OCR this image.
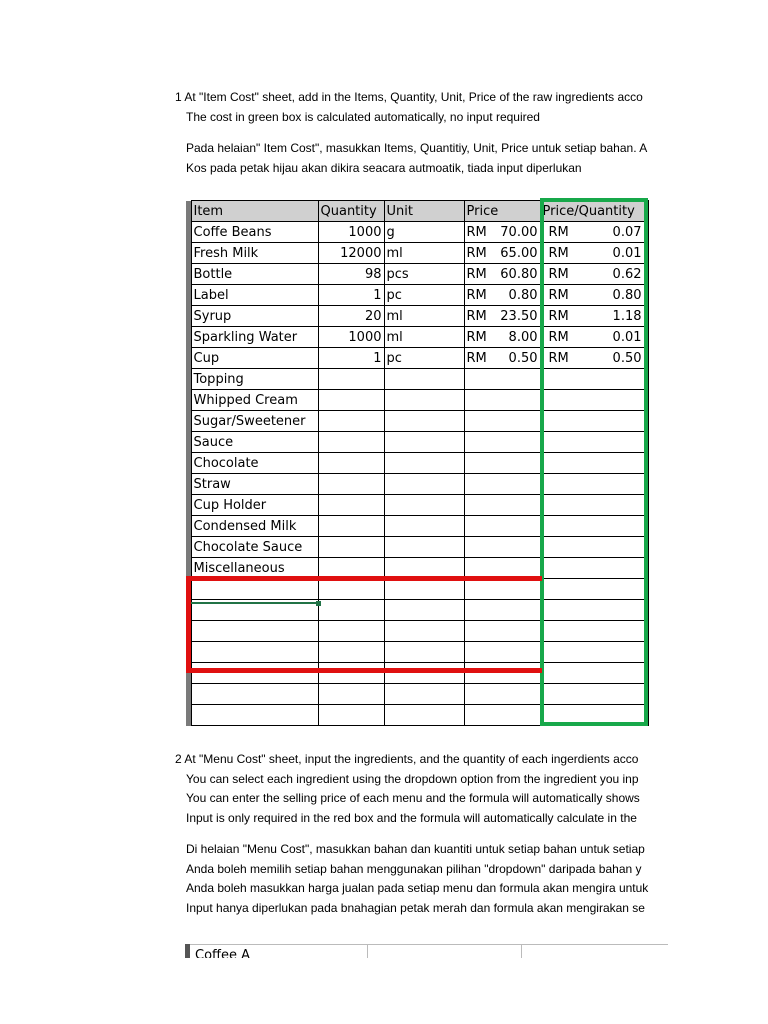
1 At "Item Cost" sheet, add in the Items, Quantity, Unit, Price of the raw ingredients acco
The cost in green box is calculated automatically, no input required
Pada helaian" Item Cost", masukkan Items, Quantitiy, Unit, Price untuk setiap bahan. A
Kos pada petak hijau akan dikira seacara autmoatik, tiada input diperlukan
	Item	Quantity	Unit	Price	Price/Quantity
	Coffe Beans	1000	g	RM 70.00	RM 0.07

	Fresh Milk	12000	ml	RM 65.00	RM 0.01

	Bottle	98	pcs	RM 60.80	RM 0.62

	Label	1	pc	RM 0.80	RM 0.80

	Syrup	20	ml	RM 23.50	RM 1.18

	Sparkling Water	1000	ml	RM 8.00	RM 0.01

	Cup	1	pc	RM 0.50	RM 0.50

	Topping				
	Whipped Cream				
	Sugar/Sweetener				
	Sauce				
	Chocolate				
	Straw				
	Cup Holder				
	Condensed Milk				
	Chocolate Sauce				
	Miscellaneous				

2 At "Menu Cost" sheet, input the ingredients, and the quantity of each ingerdients acco
You can select each ingredient using the dropdown option from the ingredient you inp
You can enter the selling price of each menu and the formula will automatically shows
Input is only required in the red box and the formula will automatically calculate in the
Di helaian "Menu Cost", masukkan bahan dan kuantiti untuk setiap bahan untuk setiap
Anda boleh memilih setiap bahan menggunakan pilihan "dropdown" daripada bahan y
Anda boleh masukkan harga jualan pada setiap menu dan formula akan mengira untuk
Input hanya diperlukan pada bnahagian petak merah dan formula akan mengirakan se
Coffee A
